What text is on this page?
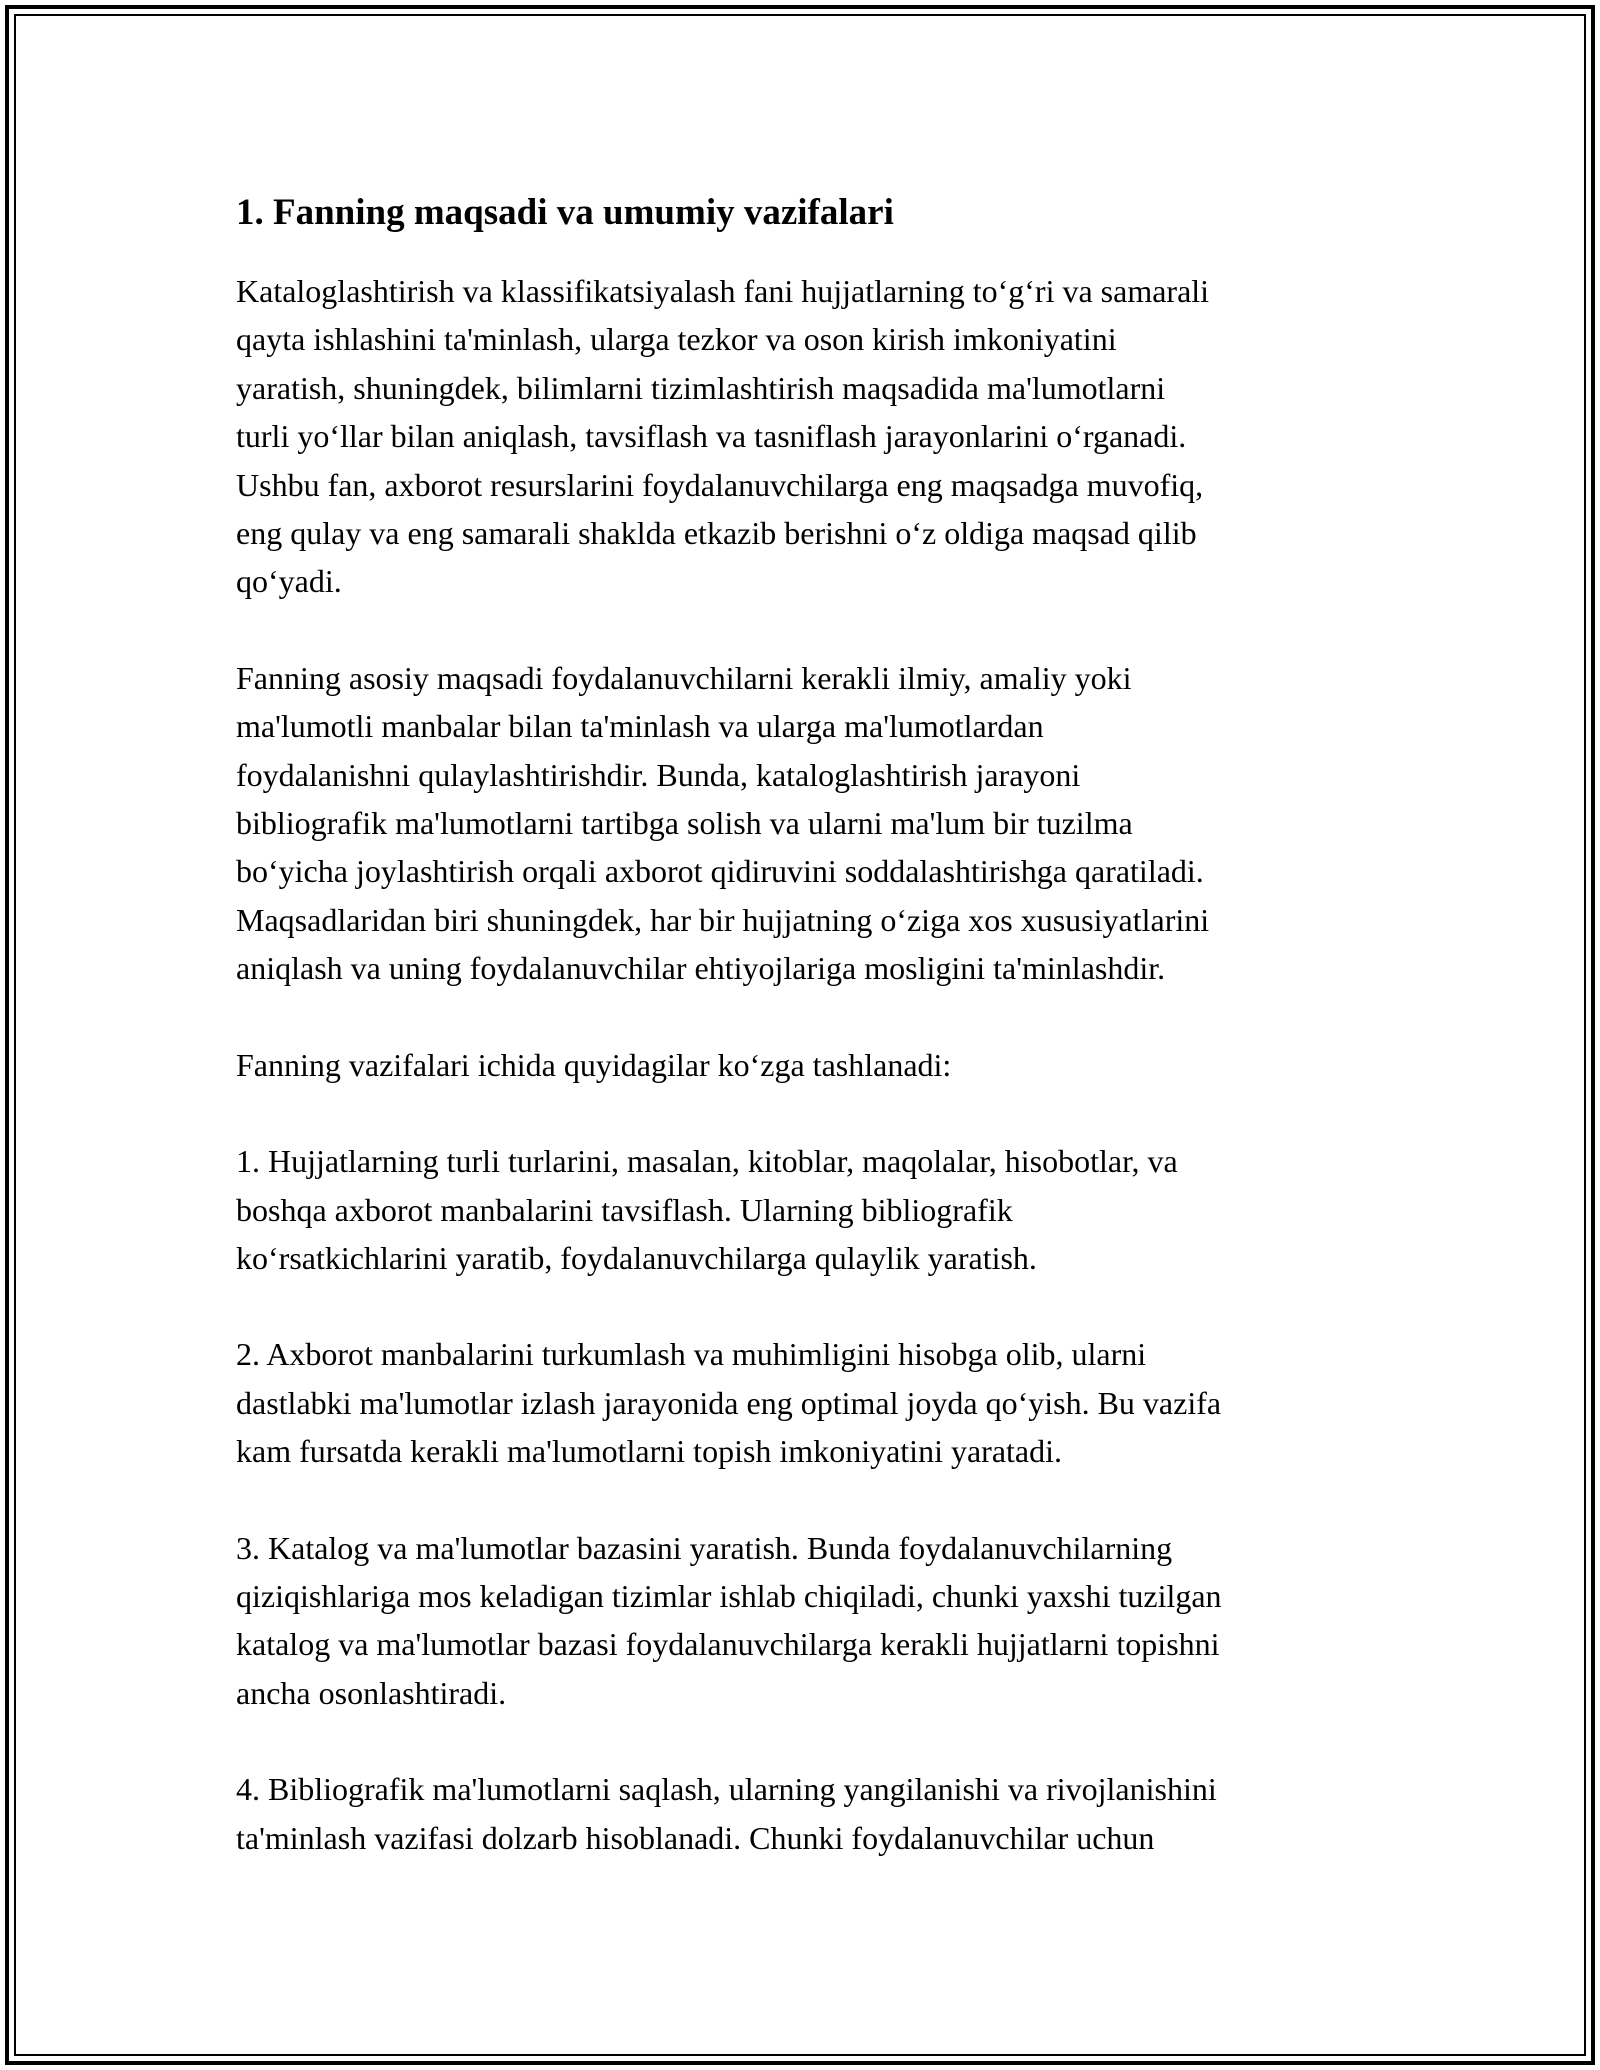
1. Fanning maqsadi va umumiy vazifalari

Kataloglashtirish va klassifikatsiyalash fani hujjatlarning to‘g‘ri va samarali
qayta ishlashini ta'minlash, ularga tezkor va oson kirish imkoniyatini
yaratish, shuningdek, bilimlarni tizimlashtirish maqsadida ma'lumotlarni
turli yo‘llar bilan aniqlash, tavsiflash va tasniflash jarayonlarini o‘rganadi.
Ushbu fan, axborot resurslarini foydalanuvchilarga eng maqsadga muvofiq,
eng qulay va eng samarali shaklda etkazib berishni o‘z oldiga maqsad qilib
qo‘yadi.

Fanning asosiy maqsadi foydalanuvchilarni kerakli ilmiy, amaliy yoki
ma'lumotli manbalar bilan ta'minlash va ularga ma'lumotlardan
foydalanishni qulaylashtirishdir. Bunda, kataloglashtirish jarayoni
bibliografik ma'lumotlarni tartibga solish va ularni ma'lum bir tuzilma
bo‘yicha joylashtirish orqali axborot qidiruvini soddalashtirishga qaratiladi.
Maqsadlaridan biri shuningdek, har bir hujjatning o‘ziga xos xususiyatlarini
aniqlash va uning foydalanuvchilar ehtiyojlariga mosligini ta'minlashdir.

Fanning vazifalari ichida quyidagilar ko‘zga tashlanadi:

1. Hujjatlarning turli turlarini, masalan, kitoblar, maqolalar, hisobotlar, va
boshqa axborot manbalarini tavsiflash. Ularning bibliografik
ko‘rsatkichlarini yaratib, foydalanuvchilarga qulaylik yaratish.

2. Axborot manbalarini turkumlash va muhimligini hisobga olib, ularni
dastlabki ma'lumotlar izlash jarayonida eng optimal joyda qo‘yish. Bu vazifa
kam fursatda kerakli ma'lumotlarni topish imkoniyatini yaratadi.

3. Katalog va ma'lumotlar bazasini yaratish. Bunda foydalanuvchilarning
qiziqishlariga mos keladigan tizimlar ishlab chiqiladi, chunki yaxshi tuzilgan
katalog va ma'lumotlar bazasi foydalanuvchilarga kerakli hujjatlarni topishni
ancha osonlashtiradi.

4. Bibliografik ma'lumotlarni saqlash, ularning yangilanishi va rivojlanishini
ta'minlash vazifasi dolzarb hisoblanadi. Chunki foydalanuvchilar uchun
